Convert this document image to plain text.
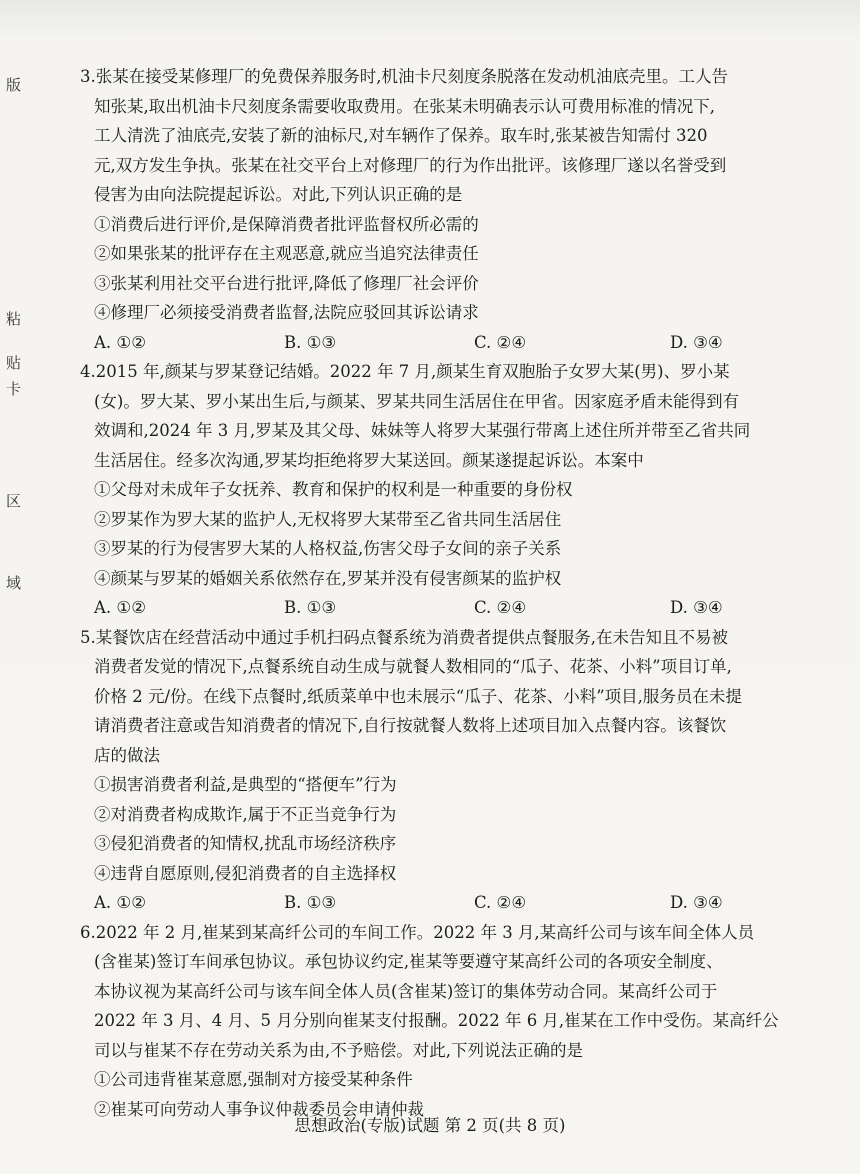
版
粘
贴
卡
区
域

3.张某在接受某修理厂的免费保养服务时,机油卡尺刻度条脱落在发动机油底壳里。工人告

知张某,取出机油卡尺刻度条需要收取费用。在张某未明确表示认可费用标准的情况下,

工人清洗了油底壳,安装了新的油标尺,对车辆作了保养。取车时,张某被告知需付 320

元,双方发生争执。张某在社交平台上对修理厂的行为作出批评。该修理厂遂以名誉受到

侵害为由向法院提起诉讼。对此,下列认识正确的是

①消费后进行评价,是保障消费者批评监督权所必需的

②如果张某的批评存在主观恶意,就应当追究法律责任

③张某利用社交平台进行批评,降低了修理厂社会评价

④修理厂必须接受消费者监督,法院应驳回其诉讼请求

A. ①②	B. ①③	C. ②④	D. ③④

4.2015 年,颜某与罗某登记结婚。2022 年 7 月,颜某生育双胞胎子女罗大某(男)、罗小某

(女)。罗大某、罗小某出生后,与颜某、罗某共同生活居住在甲省。因家庭矛盾未能得到有

效调和,2024 年 3 月,罗某及其父母、妹妹等人将罗大某强行带离上述住所并带至乙省共同

生活居住。经多次沟通,罗某均拒绝将罗大某送回。颜某遂提起诉讼。本案中

①父母对未成年子女抚养、教育和保护的权利是一种重要的身份权

②罗某作为罗大某的监护人,无权将罗大某带至乙省共同生活居住

③罗某的行为侵害罗大某的人格权益,伤害父母子女间的亲子关系

④颜某与罗某的婚姻关系依然存在,罗某并没有侵害颜某的监护权

A. ①②	B. ①③	C. ②④	D. ③④

5.某餐饮店在经营活动中通过手机扫码点餐系统为消费者提供点餐服务,在未告知且不易被

消费者发觉的情况下,点餐系统自动生成与就餐人数相同的“瓜子、花茶、小料”项目订单,

价格 2 元/份。在线下点餐时,纸质菜单中也未展示“瓜子、花茶、小料”项目,服务员在未提

请消费者注意或告知消费者的情况下,自行按就餐人数将上述项目加入点餐内容。该餐饮

店的做法

①损害消费者利益,是典型的“搭便车”行为

②对消费者构成欺诈,属于不正当竞争行为

③侵犯消费者的知情权,扰乱市场经济秩序

④违背自愿原则,侵犯消费者的自主选择权

A. ①②	B. ①③	C. ②④	D. ③④

6.2022 年 2 月,崔某到某高纤公司的车间工作。2022 年 3 月,某高纤公司与该车间全体人员

(含崔某)签订车间承包协议。承包协议约定,崔某等要遵守某高纤公司的各项安全制度、

本协议视为某高纤公司与该车间全体人员(含崔某)签订的集体劳动合同。某高纤公司于

2022 年 3 月、4 月、5 月分别向崔某支付报酬。2022 年 6 月,崔某在工作中受伤。某高纤公

司以与崔某不存在劳动关系为由,不予赔偿。对此,下列说法正确的是

①公司违背崔某意愿,强制对方接受某种条件

②崔某可向劳动人事争议仲裁委员会申请仲裁

思想政治(专版)试题 第 2 页(共 8 页)
